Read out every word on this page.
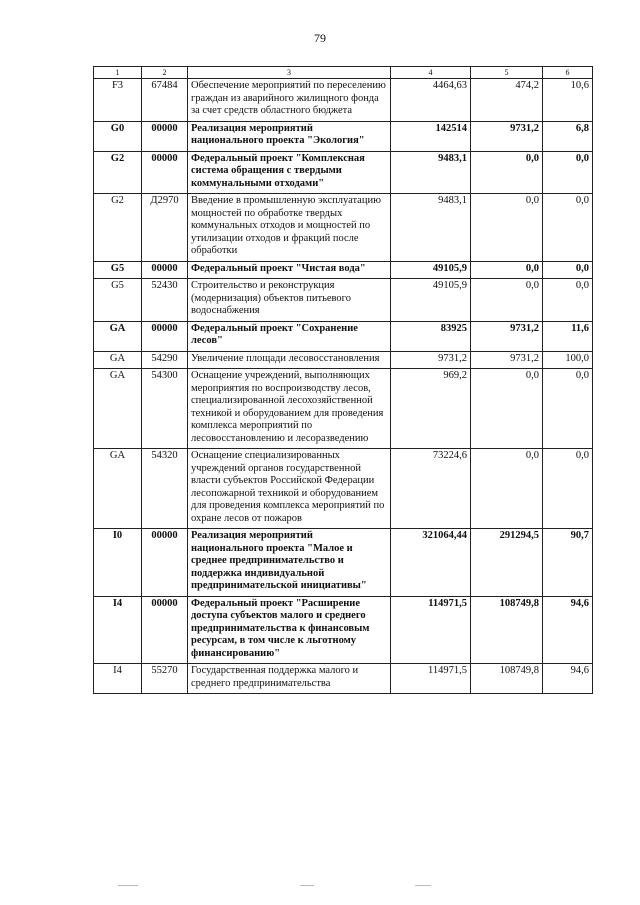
79
1	2	3	4	5	6
F3	67484	Обеспечение мероприятий по переселению граждан из аварийного жилищного фонда за счет средств областного бюджета	4464,63	474,2	10,6
G0	00000	Реализация мероприятий национального проекта "Экология"	142514	9731,2	6,8
G2	00000	Федеральный проект "Комплексная система обращения с твердыми коммунальными отходами"	9483,1	0,0	0,0
G2	Д2970	Введение в промышленную эксплуатацию мощностей по обработке твердых коммунальных отходов и мощностей по утилизации отходов и фракций после обработки	9483,1	0,0	0,0
G5	00000	Федеральный проект "Чистая вода"	49105,9	0,0	0,0
G5	52430	Строительство и реконструкция (модернизация) объектов питьевого водоснабжения	49105,9	0,0	0,0
GA	00000	Федеральный проект "Сохранение лесов"	83925	9731,2	11,6
GA	54290	Увеличение площади лесовосстановления	9731,2	9731,2	100,0
GA	54300	Оснащение учреждений, выполняющих мероприятия по воспроизводству лесов, специализированной лесохозяйственной техникой и оборудованием для проведения комплекса мероприятий по лесовосстановлению и лесоразведению	969,2	0,0	0,0
GA	54320	Оснащение специализированных учреждений органов государственной власти субъектов Российской Федерации лесопожарной техникой и оборудованием для проведения комплекса мероприятий по охране лесов от пожаров	73224,6	0,0	0,0
I0	00000	Реализация мероприятий национального проекта "Малое и среднее предпринимательство и поддержка индивидуальной предпринимательской инициативы"	321064,44	291294,5	90,7
I4	00000	Федеральный проект "Расширение доступа субъектов малого и среднего предпринимательства к финансовым ресурсам, в том числе к льготному финансированию"	114971,5	108749,8	94,6
I4	55270	Государственная поддержка малого и среднего предпринимательства	114971,5	108749,8	94,6
